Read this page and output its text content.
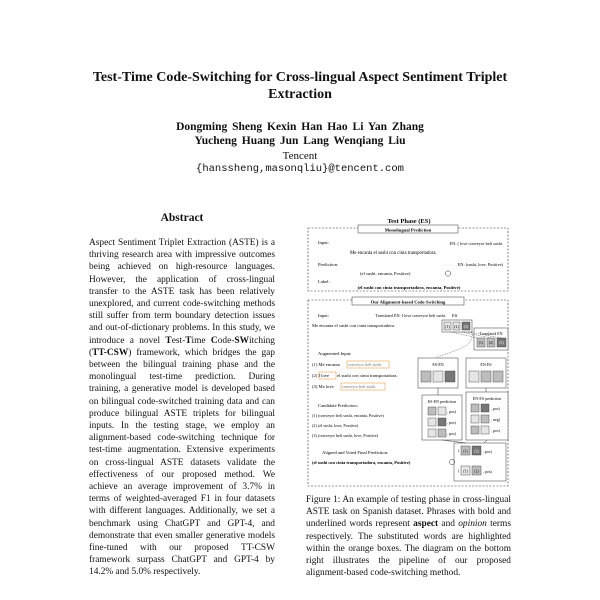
Test-Time Code-Switching for Cross-lingual Aspect Sentiment Triplet Extraction
Dongming Sheng Kexin Han Hao Li Yan Zhang
Yucheng Huang Jun Lang Wenqiang Liu
Tencent
{hanssheng,masonqliu}@tencent.com
Abstract
Aspect Sentiment Triplet Extraction (ASTE) is a thriving research area with impressive outcomes being achieved on high-resource languages. However, the application of cross-lingual transfer to the ASTE task has been relatively unexplored, and current code-switching methods still suffer from term boundary detection issues and out-of-dictionary problems. In this study, we introduce a novel Test-Time Code-SWitching (TT-CSW) framework, which bridges the gap between the bilingual training phase and the monolingual test-time prediction. During training, a generative model is developed based on bilingual code-switched training data and can produce bilingual ASTE triplets for bilingual inputs. In the testing stage, we employ an alignment-based code-switching technique for test-time augmentation. Extensive experiments on cross-lingual ASTE datasets validate the effectiveness of our proposed method. We achieve an average improvement of 3.7% in terms of weighted-averaged F1 in four datasets with different languages. Additionally, we set a benchmark using ChatGPT and GPT-4, and demonstrate that even smaller generative models fine-tuned with our proposed TT-CSW framework surpass ChatGPT and GPT-4 by 14.2% and 5.0% respectively.
Test Phase (ES)
Monolingual Prediction
Input:	EN: ( love conveyor belt sushi.
Me encanta el sushi con cinta transportadora.
Prediction:	EN: (sushi, love, Positive)
(el sushi, encanta, Positive)
Label:
(el sushi con cinta transportadora, encanta, Positive)
Our Alignment-based Code-Switching
Input:	Translated EN: I love conveyor belt sushi. ES
Me encanta el sushi con cinta transportadora.	(1) (2) (3)
Translated EN
(1) (2) (3)
Augmented Input:
(1) Me encanta conveyor belt sushi.
(2) I love el sushi con cinta transportadora.
(3) Me love conveyor belt sushi.
ES-EN	EN-ES
Candidate Prediction:
(1) (conveyor belt sushi, encanta, Positive)
(2) (el sushi, love, Positive)
(3) (conveyor belt sushi, love, Positive)
ES-EN prediction
, pos)
, pos)
, pos)
EN-ES prediction
, pos)
, neg)
, pos)
Aligned and Voted Final Prediction:
(el sushi con cinta transportadora, encanta, Positive)
( (1) (3) , pos)
( (1) (2) , pos)
Figure 1: An example of testing phase in cross-lingual ASTE task on Spanish dataset. Phrases with bold and underlined words represent aspect and opinion terms respectively. The substituted words are highlighted within the orange boxes. The diagram on the bottom right illustrates the pipeline of our proposed alignment-based code-switching method.
